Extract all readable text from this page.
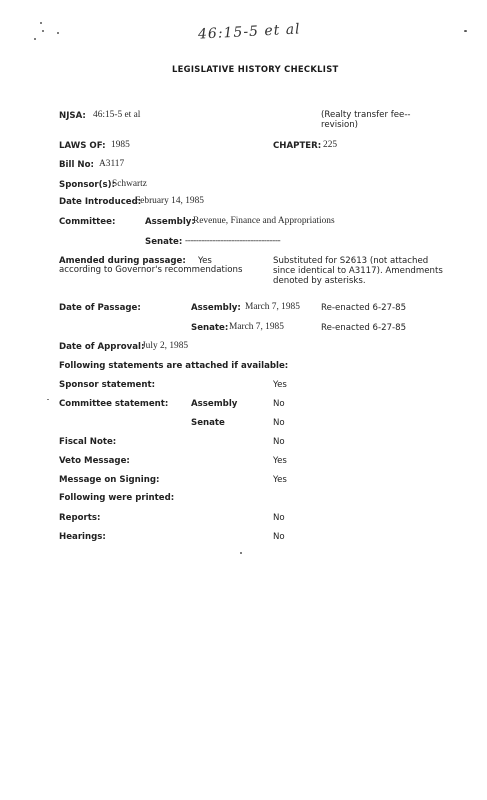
46:15-5 et al
LEGISLATIVE HISTORY CHECKLIST
NJSA: 46:15-5 et al	(Realty transfer fee-- revision)
LAWS OF: 1985	CHAPTER: 225
Bill No: A3117
Sponsor(s):
Schwartz
Date Introduced:
February 14, 1985
Committee:	Assembly:
Revenue, Finance and Appropriations
Senate: -----------------------------------
Amended during passage: Yes
according to Governor's recommendations
Substituted for S2613 (not attached since identical to A3117). Amendments denoted by asterisks.
Date of Passage:	Assembly: March 7, 1985 Re-enacted 6-27-85
Senate: March 7, 1985	Re-enacted 6-27-85
Date of Approval:
July 2, 1985
Following statements are attached if available:
Sponsor statement:	Yes
Committee statement:	Assembly	No
Senate	No
Fiscal Note:	No
Veto Message:	Yes
Message on Signing:	Yes
Following were printed:
Reports:	No
Hearings:	No
